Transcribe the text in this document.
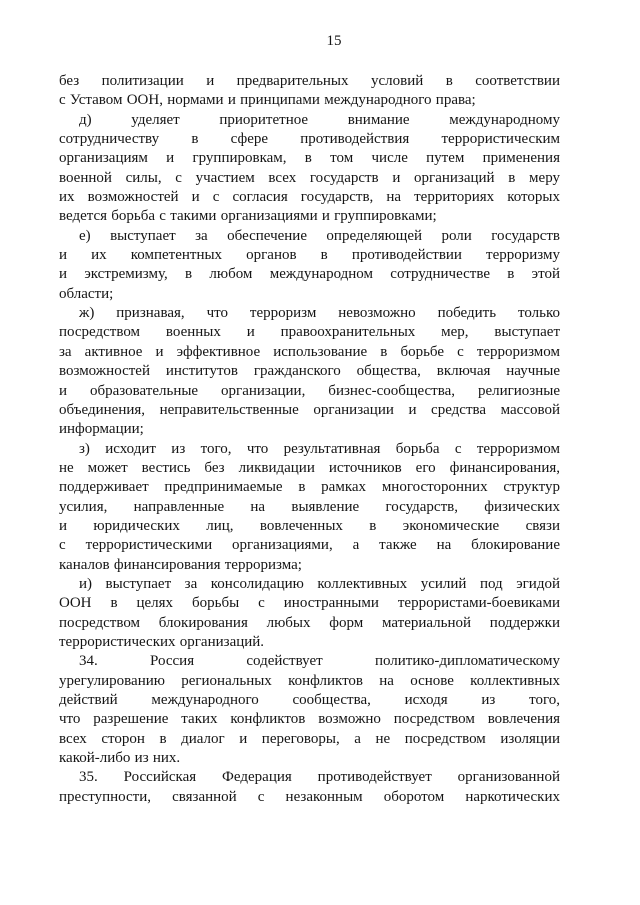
15
без политизации и предварительных условий в соответствии
с Уставом ООН, нормами и принципами международного права;
д) уделяет приоритетное внимание международному
сотрудничеству в сфере противодействия террористическим
организациям и группировкам, в том числе путем применения
военной силы, с участием всех государств и организаций в меру
их возможностей и с согласия государств, на территориях которых
ведется борьба с такими организациями и группировками;
е) выступает за обеспечение определяющей роли государств
и их компетентных органов в противодействии терроризму
и экстремизму, в любом международном сотрудничестве в этой
области;
ж) признавая, что терроризм невозможно победить только
посредством военных и правоохранительных мер, выступает
за активное и эффективное использование в борьбе с терроризмом
возможностей институтов гражданского общества, включая научные
и образовательные организации, бизнес-сообщества, религиозные
объединения, неправительственные организации и средства массовой
информации;
з) исходит из того, что результативная борьба с терроризмом
не может вестись без ликвидации источников его финансирования,
поддерживает предпринимаемые в рамках многосторонних структур
усилия, направленные на выявление государств, физических
и юридических лиц, вовлеченных в экономические связи
с террористическими организациями, а также на блокирование
каналов финансирования терроризма;
и) выступает за консолидацию коллективных усилий под эгидой
ООН в целях борьбы с иностранными террористами-боевиками
посредством блокирования любых форм материальной поддержки
террористических организаций.
34. Россия содействует политико-дипломатическому
урегулированию региональных конфликтов на основе коллективных
действий международного сообщества, исходя из того,
что разрешение таких конфликтов возможно посредством вовлечения
всех сторон в диалог и переговоры, а не посредством изоляции
какой-либо из них.
35. Российская Федерация противодействует организованной
преступности, связанной с незаконным оборотом наркотических
